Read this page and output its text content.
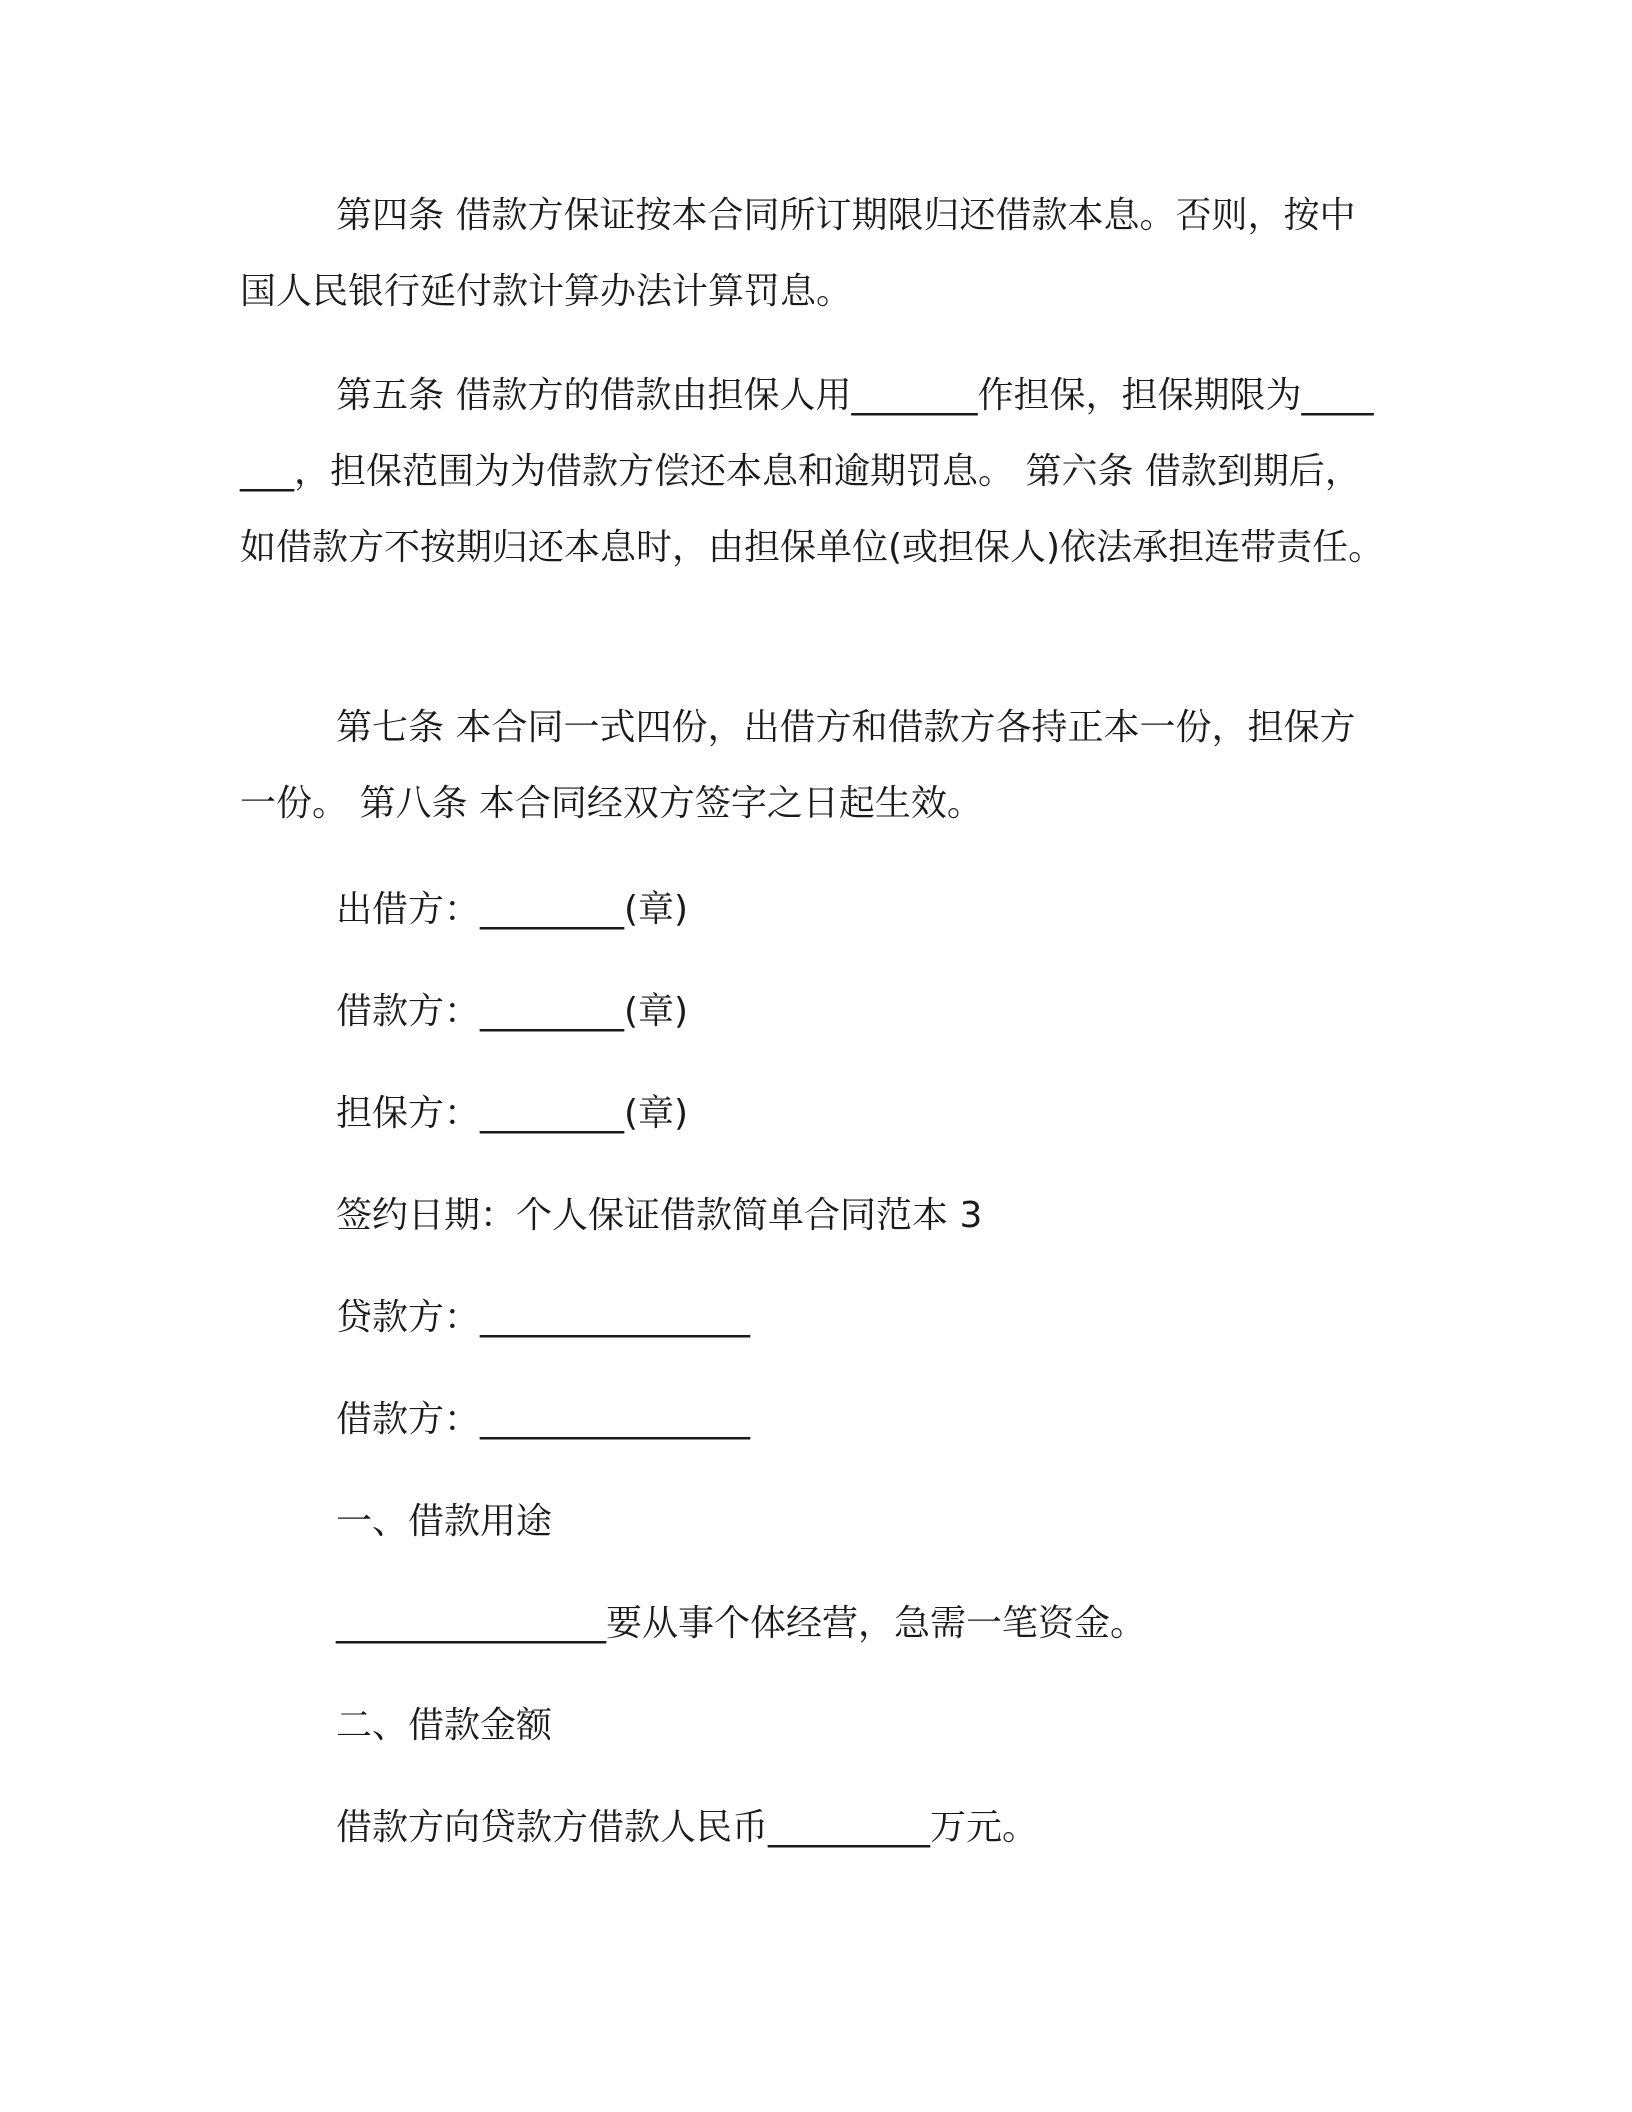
第四条 借款方保证按本合同所订期限归还借款本息。否则，按中国人民银行延付款计算办法计算罚息。

第五条 借款方的借款由担保人用_______作担保，担保期限为_______，担保范围为为借款方偿还本息和逾期罚息。 第六条 借款到期后，如借款方不按期归还本息时，由担保单位(或担保人)依法承担连带责任。

第七条 本合同一式四份，出借方和借款方各持正本一份，担保方一份。 第八条 本合同经双方签字之日起生效。

出借方：________(章)

借款方：________(章)

担保方：________(章)

签约日期：个人保证借款简单合同范本 3

贷款方：_______________

借款方：_______________

一、借款用途

_______________要从事个体经营，急需一笔资金。

二、借款金额

借款方向贷款方借款人民币_________万元。
